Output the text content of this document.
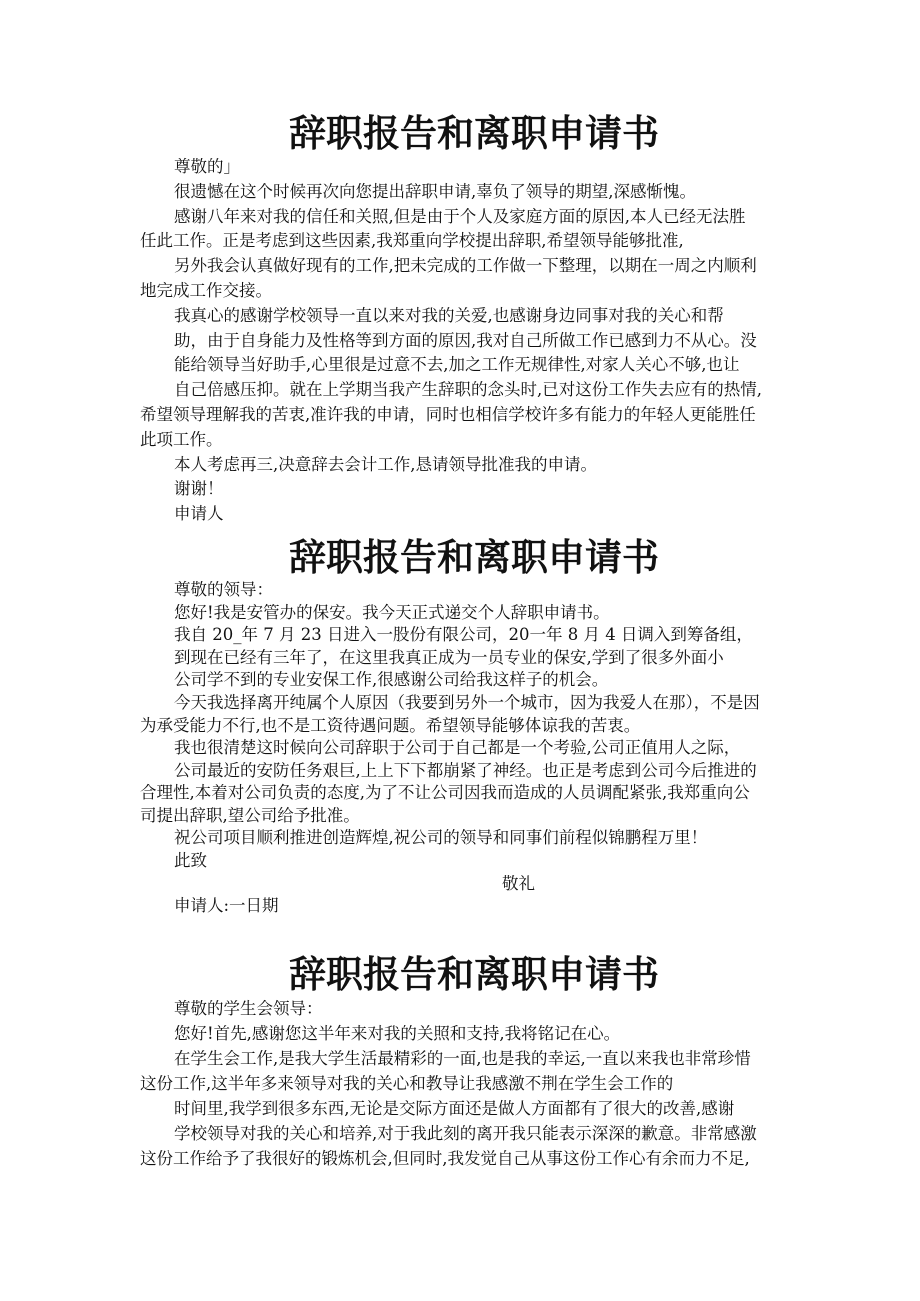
辞职报告和离职申请书
尊敬的」
很遗憾在这个时候再次向您提出辞职申请,辜负了领导的期望,深感惭愧。
感谢八年来对我的信任和关照,但是由于个人及家庭方面的原因,本人已经无法胜
任此工作。正是考虑到这些因素,我郑重向学校提出辞职,希望领导能够批准,
另外我会认真做好现有的工作,把未完成的工作做一下整理，以期在一周之内顺利
地完成工作交接。
我真心的感谢学校领导一直以来对我的关爱,也感谢身边同事对我的关心和帮
助，由于自身能力及性格等到方面的原因,我对自己所做工作已感到力不从心。没
能给领导当好助手,心里很是过意不去,加之工作无规律性,对家人关心不够,也让
自己倍感压抑。就在上学期当我产生辞职的念头时,已对这份工作失去应有的热情,
希望领导理解我的苦衷,准许我的申请，同时也相信学校许多有能力的年轻人更能胜任
此项工作。
本人考虑再三,决意辞去会计工作,恳请领导批准我的申请。
谢谢！
申请人
辞职报告和离职申请书
尊敬的领导：
您好!我是安管办的保安。我今天正式递交个人辞职申请书。
我自 20_年 7 月 23 日进入一股份有限公司，20一年 8 月 4 日调入到筹备组，
到现在已经有三年了，在这里我真正成为一员专业的保安,学到了很多外面小
公司学不到的专业安保工作,很感谢公司给我这样子的机会。
今天我选择离开纯属个人原因（我要到另外一个城市，因为我爱人在那），不是因
为承受能力不行,也不是工资待遇问题。希望领导能够体谅我的苦衷。
我也很清楚这时候向公司辞职于公司于自己都是一个考验,公司正值用人之际，
公司最近的安防任务艰巨,上上下下都崩紧了神经。也正是考虑到公司今后推进的
合理性,本着对公司负责的态度,为了不让公司因我而造成的人员调配紧张,我郑重向公
司提出辞职,望公司给予批准。
祝公司项目顺利推进创造辉煌,祝公司的领导和同事们前程似锦鹏程万里！
此致
敬礼
申请人:一日期
辞职报告和离职申请书
尊敬的学生会领导：
您好!首先,感谢您这半年来对我的关照和支持,我将铭记在心。
在学生会工作,是我大学生活最精彩的一面,也是我的幸运,一直以来我也非常珍惜
这份工作,这半年多来领导对我的关心和教导让我感激不荆在学生会工作的
时间里,我学到很多东西,无论是交际方面还是做人方面都有了很大的改善,感谢
学校领导对我的关心和培养,对于我此刻的离开我只能表示深深的歉意。非常感激
这份工作给予了我很好的锻炼机会,但同时,我发觉自己从事这份工作心有余而力不足,
